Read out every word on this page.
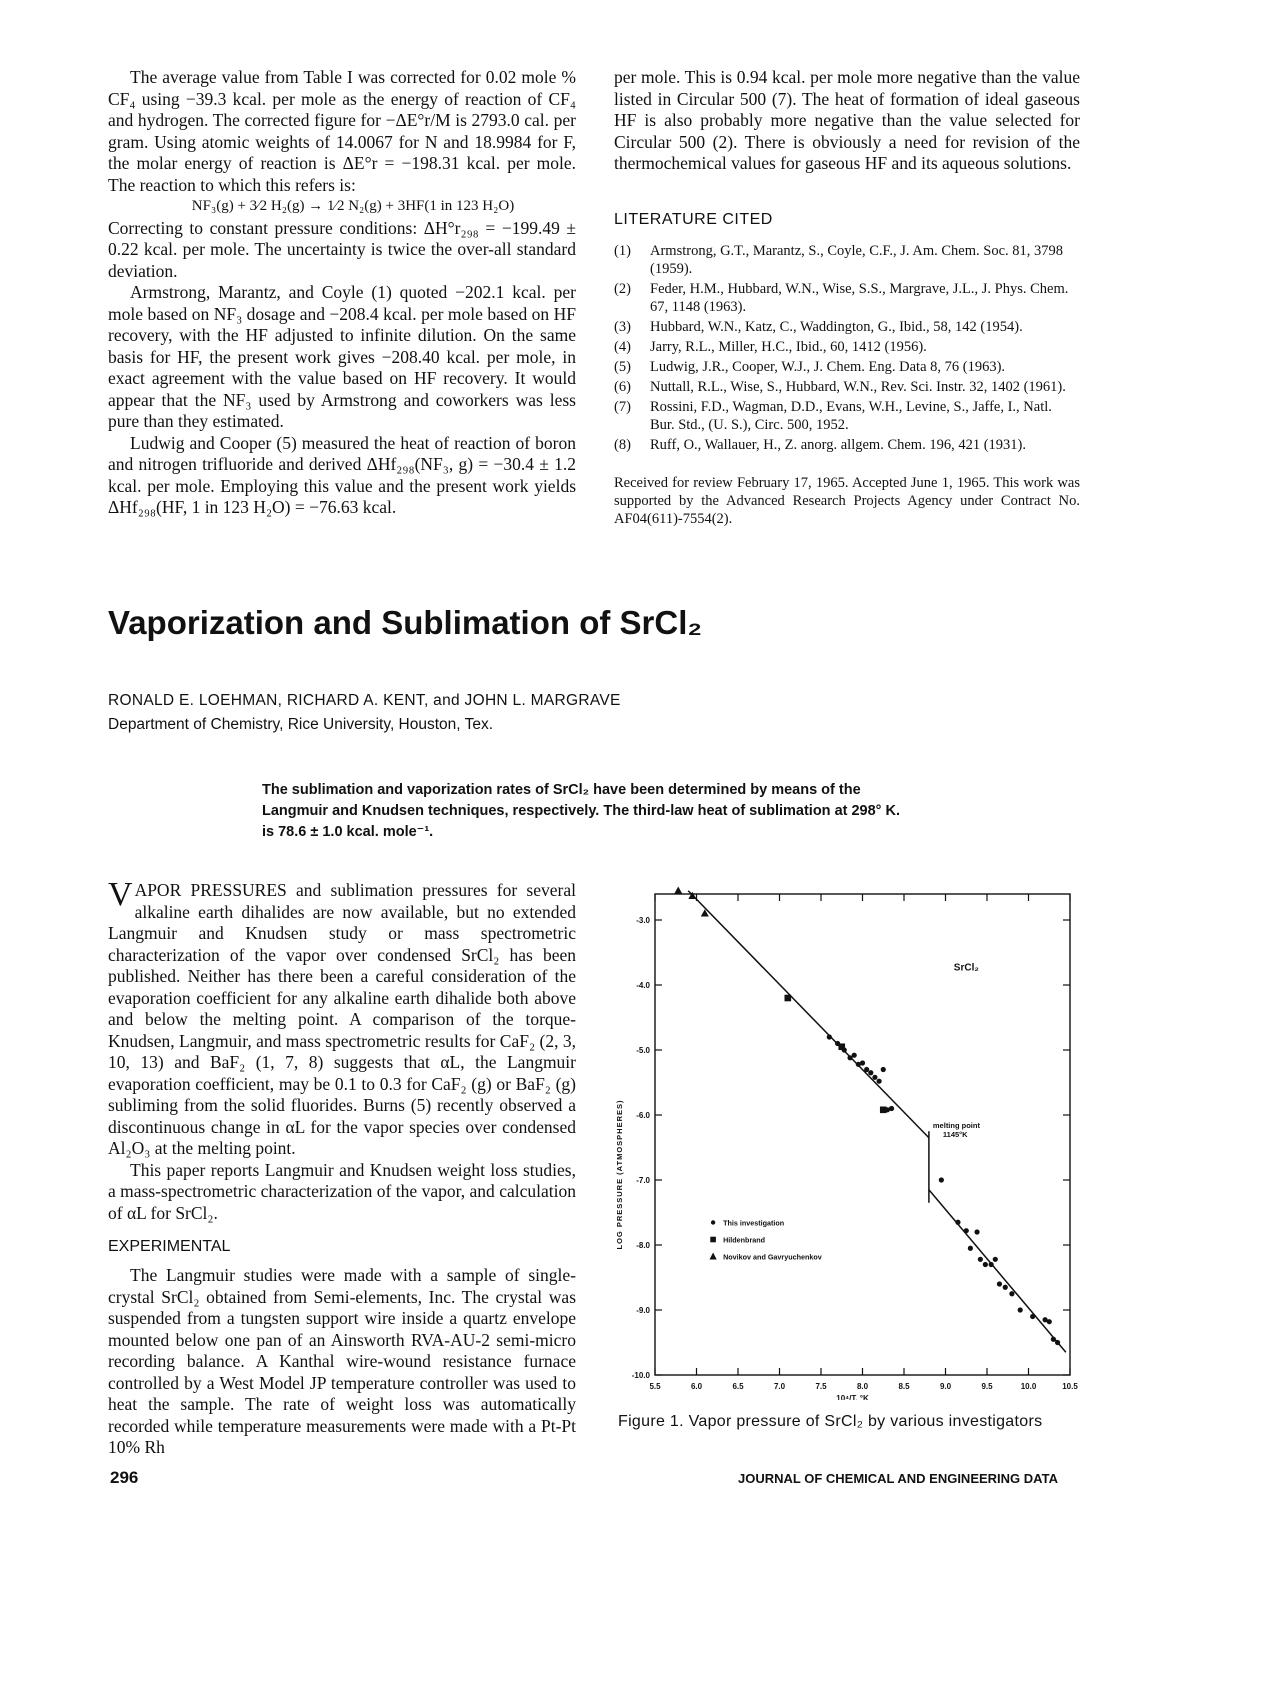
The average value from Table I was corrected for 0.02 mole % CF₄ using −39.3 kcal. per mole as the energy of reaction of CF₄ and hydrogen. The corrected figure for −ΔE°r/M is 2793.0 cal. per gram. Using atomic weights of 14.0067 for N and 18.9984 for F, the molar energy of reaction is ΔE°r = −198.31 kcal. per mole. The reaction to which this refers is:

NF₃(g) + 3⁄2 H₂(g) → 1⁄2 N₂(g) + 3HF(1 in 123 H₂O)

Correcting to constant pressure conditions: ΔH°r₂₉₈ = −199.49 ± 0.22 kcal. per mole. The uncertainty is twice the over-all standard deviation.

Armstrong, Marantz, and Coyle (1) quoted −202.1 kcal. per mole based on NF₃ dosage and −208.4 kcal. per mole based on HF recovery, with the HF adjusted to infinite dilution. On the same basis for HF, the present work gives −208.40 kcal. per mole, in exact agreement with the value based on HF recovery. It would appear that the NF₃ used by Armstrong and coworkers was less pure than they estimated.

Ludwig and Cooper (5) measured the heat of reaction of boron and nitrogen trifluoride and derived ΔHf₂₉₈(NF₃, g) = −30.4 ± 1.2 kcal. per mole. Employing this value and the present work yields ΔHf₂₉₈(HF, 1 in 123 H₂O) = −76.63 kcal.

per mole. This is 0.94 kcal. per mole more negative than the value listed in Circular 500 (7). The heat of formation of ideal gaseous HF is also probably more negative than the value selected for Circular 500 (2). There is obviously a need for revision of the thermochemical values for gaseous HF and its aqueous solutions.

LITERATURE CITED
(1)	Armstrong, G.T., Marantz, S., Coyle, C.F., J. Am. Chem. Soc. 81, 3798 (1959).
(2)	Feder, H.M., Hubbard, W.N., Wise, S.S., Margrave, J.L., J. Phys. Chem. 67, 1148 (1963).
(3)	Hubbard, W.N., Katz, C., Waddington, G., Ibid., 58, 142 (1954).
(4)	Jarry, R.L., Miller, H.C., Ibid., 60, 1412 (1956).
(5)	Ludwig, J.R., Cooper, W.J., J. Chem. Eng. Data 8, 76 (1963).
(6)	Nuttall, R.L., Wise, S., Hubbard, W.N., Rev. Sci. Instr. 32, 1402 (1961).
(7)	Rossini, F.D., Wagman, D.D., Evans, W.H., Levine, S., Jaffe, I., Natl. Bur. Std., (U. S.), Circ. 500, 1952.
(8)	Ruff, O., Wallauer, H., Z. anorg. allgem. Chem. 196, 421 (1931).
Received for review February 17, 1965. Accepted June 1, 1965. This work was supported by the Advanced Research Projects Agency under Contract No. AF04(611)-7554(2).
Vaporization and Sublimation of SrCl₂
RONALD E. LOEHMAN, RICHARD A. KENT, and JOHN L. MARGRAVE
Department of Chemistry, Rice University, Houston, Tex.
The sublimation and vaporization rates of SrCl₂ have been determined by means of the Langmuir and Knudsen techniques, respectively. The third-law heat of sublimation at 298° K. is 78.6 ± 1.0 kcal. mole⁻¹.

VAPOR PRESSURES and sublimation pressures for several alkaline earth dihalides are now available, but no extended Langmuir and Knudsen study or mass spectrometric characterization of the vapor over condensed SrCl₂ has been published. Neither has there been a careful consideration of the evaporation coefficient for any alkaline earth dihalide both above and below the melting point. A comparison of the torque-Knudsen, Langmuir, and mass spectrometric results for CaF₂ (2, 3, 10, 13) and BaF₂ (1, 7, 8) suggests that αL, the Langmuir evaporation coefficient, may be 0.1 to 0.3 for CaF₂ (g) or BaF₂ (g) subliming from the solid fluorides. Burns (5) recently observed a discontinuous change in αL for the vapor species over condensed Al₂O₃ at the melting point.

This paper reports Langmuir and Knudsen weight loss studies, a mass-spectrometric characterization of the vapor, and calculation of αL for SrCl₂.

EXPERIMENTAL

The Langmuir studies were made with a sample of single-crystal SrCl₂ obtained from Semi-elements, Inc. The crystal was suspended from a tungsten support wire inside a quartz envelope mounted below one pan of an Ainsworth RVA-AU-2 semi-micro recording balance. A Kanthal wire-wound resistance furnace controlled by a West Model JP temperature controller was used to heat the sample. The rate of weight loss was automatically recorded while temperature measurements were made with a Pt-Pt 10% Rh

5.5	6.0	6.5	7.0	7.5	8.0	8.5	9.0	9.5	10.0	10.5
-3.0
-4.0
-5.0
-6.0
-7.0
-8.0
-9.0
-10.0
10⁴/T, °K
LOG PRESSURE (ATMOSPHERES)	melting point
1145°K
SrCl₂
This investigation
Hildenbrand
Novikov and Gavryuchenkov
Figure 1. Vapor pressure of SrCl₂ by various investigators
296	JOURNAL OF CHEMICAL AND ENGINEERING DATA
